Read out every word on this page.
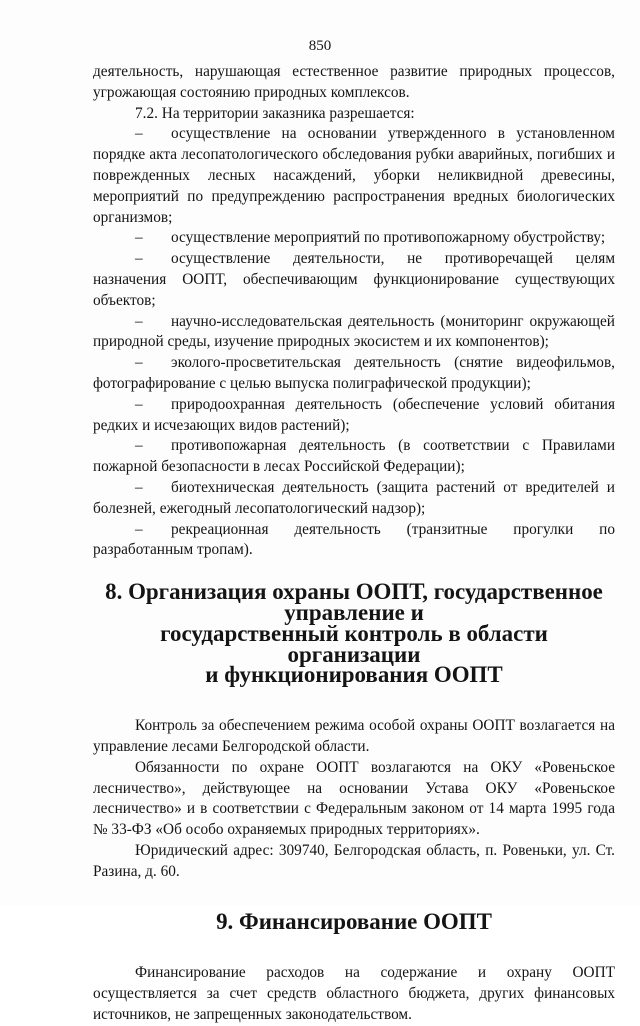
850

деятельность, нарушающая естественное развитие природных процессов, угрожающая состоянию природных комплексов.

7.2. На территории заказника разрешается:

– осуществление на основании утвержденного в установленном порядке акта лесопатологического обследования рубки аварийных, погибших и поврежденных лесных насаждений, уборки неликвидной древесины, мероприятий по предупреждению распространения вредных биологических организмов;

– осуществление мероприятий по противопожарному обустройству;

– осуществление деятельности, не противоречащей целям назначения ООПТ, обеспечивающим функционирование существующих объектов;

– научно-исследовательская деятельность (мониторинг окружающей природной среды, изучение природных экосистем и их компонентов);

– эколого-просветительская деятельность (снятие видеофильмов, фотографирование с целью выпуска полиграфической продукции);

– природоохранная деятельность (обеспечение условий обитания редких и исчезающих видов растений);

– противопожарная деятельность (в соответствии с Правилами пожарной безопасности в лесах Российской Федерации);

– биотехническая деятельность (защита растений от вредителей и болезней, ежегодный лесопатологический надзор);

– рекреационная деятельность (транзитные прогулки по разработанным тропам).

8. Организация охраны ООПТ, государственное управление и
государственный контроль в области организации
и функционирования ООПТ

Контроль за обеспечением режима особой охраны ООПТ возлагается на управление лесами Белгородской области.

Обязанности по охране ООПТ возлагаются на ОКУ «Ровеньское лесничество», действующее на основании Устава ОКУ «Ровеньское лесничество» и в соответствии с Федеральным законом от 14 марта 1995 года № 33-ФЗ «Об особо охраняемых природных территориях».

Юридический адрес: 309740, Белгородская область, п. Ровеньки, ул. Ст. Разина, д. 60.

9. Финансирование ООПТ

Финансирование расходов на содержание и охрану ООПТ осуществляется за счет средств областного бюджета, других финансовых источников, не запрещенных законодательством.
